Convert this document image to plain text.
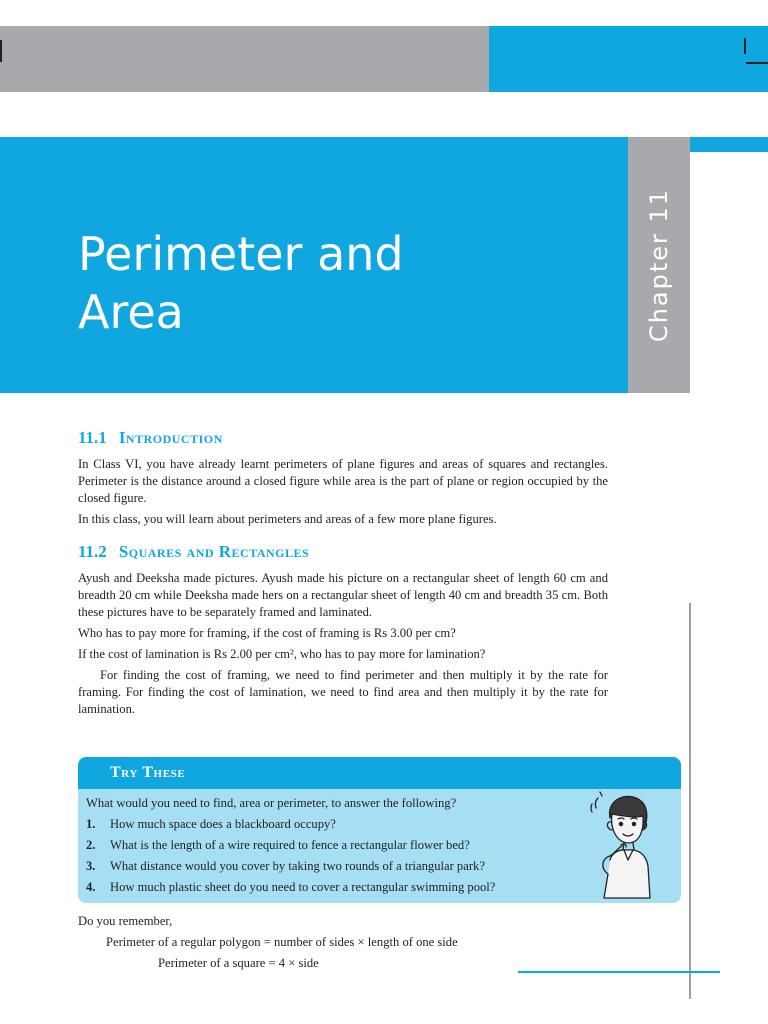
Chapter 11
Perimeter and
Area
11.1 Introduction

In Class VI, you have already learnt perimeters of plane figures and areas of squares and rectangles. Perimeter is the distance around a closed figure while area is the part of plane or region occupied by the closed figure.

In this class, you will learn about perimeters and areas of a few more plane figures.

11.2 Squares and Rectangles

Ayush and Deeksha made pictures. Ayush made his picture on a rectangular sheet of length 60 cm and breadth 20 cm while Deeksha made hers on a rectangular sheet of length 40 cm and breadth 35 cm. Both these pictures have to be separately framed and laminated.

Who has to pay more for framing, if the cost of framing is Rs 3.00 per cm?

If the cost of lamination is Rs 2.00 per cm², who has to pay more for lamination?

For finding the cost of framing, we need to find perimeter and then multiply it by the rate for framing. For finding the cost of lamination, we need to find area and then multiply it by the rate for lamination.

Try These
What would you need to find, area or perimeter, to answer the following?
1.	How much space does a blackboard occupy?
2.	What is the length of a wire required to fence a rectangular flower bed?
3.	What distance would you cover by taking two rounds of a triangular park?
4.	How much plastic sheet do you need to cover a rectangular swimming pool?
Do you remember,
Perimeter of a regular polygon = number of sides × length of one side
Perimeter of a square = 4 × side
